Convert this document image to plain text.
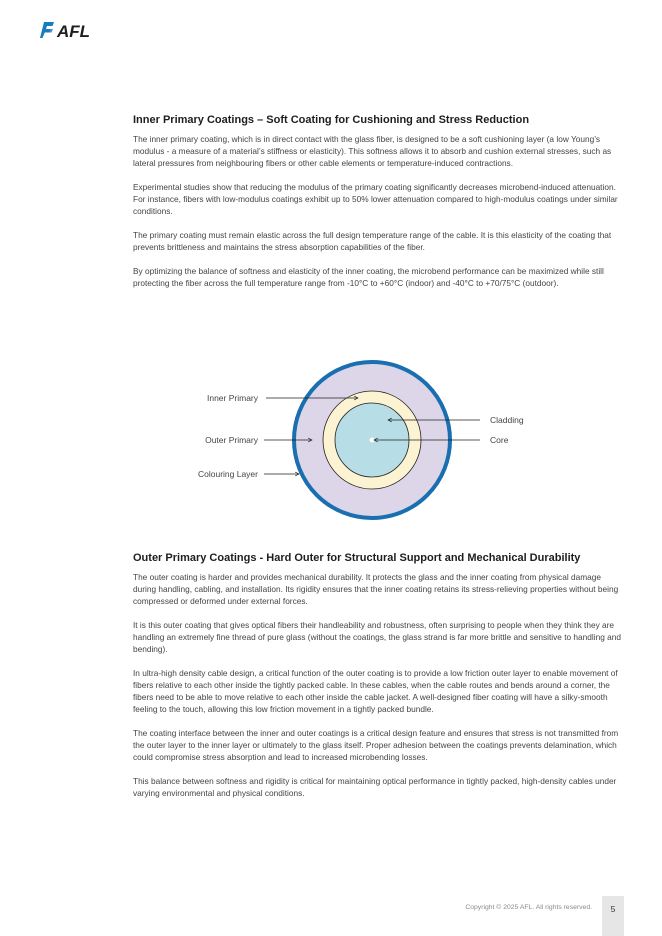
AFL
Inner Primary Coatings – Soft Coating for Cushioning and Stress Reduction

The inner primary coating, which is in direct contact with the glass fiber, is designed to be a soft cushioning layer (a low Young’s modulus - a measure of a material’s stiffness or elasticity). This softness allows it to absorb and cushion external stresses, such as lateral pressures from neighbouring fibers or other cable elements or temperature-induced contractions.

Experimental studies show that reducing the modulus of the primary coating significantly decreases microbend-induced attenuation. For instance, fibers with low-modulus coatings exhibit up to 50% lower attenuation compared to high-modulus coatings under similar conditions.

The primary coating must remain elastic across the full design temperature range of the cable. It is this elasticity of the coating that prevents brittleness and maintains the stress absorption capabilities of the fiber.

By optimizing the balance of softness and elasticity of the inner coating, the microbend performance can be maximized while still protecting the fiber across the full temperature range from -10°C to +60°C (indoor) and -40°C to +70/75°C (outdoor).

Inner Primary
Outer Primary
Colouring Layer
Cladding
Core
Outer Primary Coatings - Hard Outer for Structural Support and Mechanical Durability

The outer coating is harder and provides mechanical durability. It protects the glass and the inner coating from physical damage during handling, cabling, and installation. Its rigidity ensures that the inner coating retains its stress-relieving properties without being compressed or deformed under external forces.

It is this outer coating that gives optical fibers their handleability and robustness, often surprising to people when they think they are handling an extremely fine thread of pure glass (without the coatings, the glass strand is far more brittle and sensitive to handling and bending).

In ultra-high density cable design, a critical function of the outer coating is to provide a low friction outer layer to enable movement of fibers relative to each other inside the tightly packed cable. In these cables, when the cable routes and bends around a corner, the fibers need to be able to move relative to each other inside the cable jacket. A well-designed fiber coating will have a silky-smooth feeling to the touch, allowing this low friction movement in a tightly packed bundle.

The coating interface between the inner and outer coatings is a critical design feature and ensures that stress is not transmitted from the outer layer to the inner layer or ultimately to the glass itself. Proper adhesion between the coatings prevents delamination, which could compromise stress absorption and lead to increased microbending losses.

This balance between softness and rigidity is critical for maintaining optical performance in tightly packed, high-density cables under varying environmental and physical conditions.

Copyright © 2025 AFL. All rights reserved.	5
